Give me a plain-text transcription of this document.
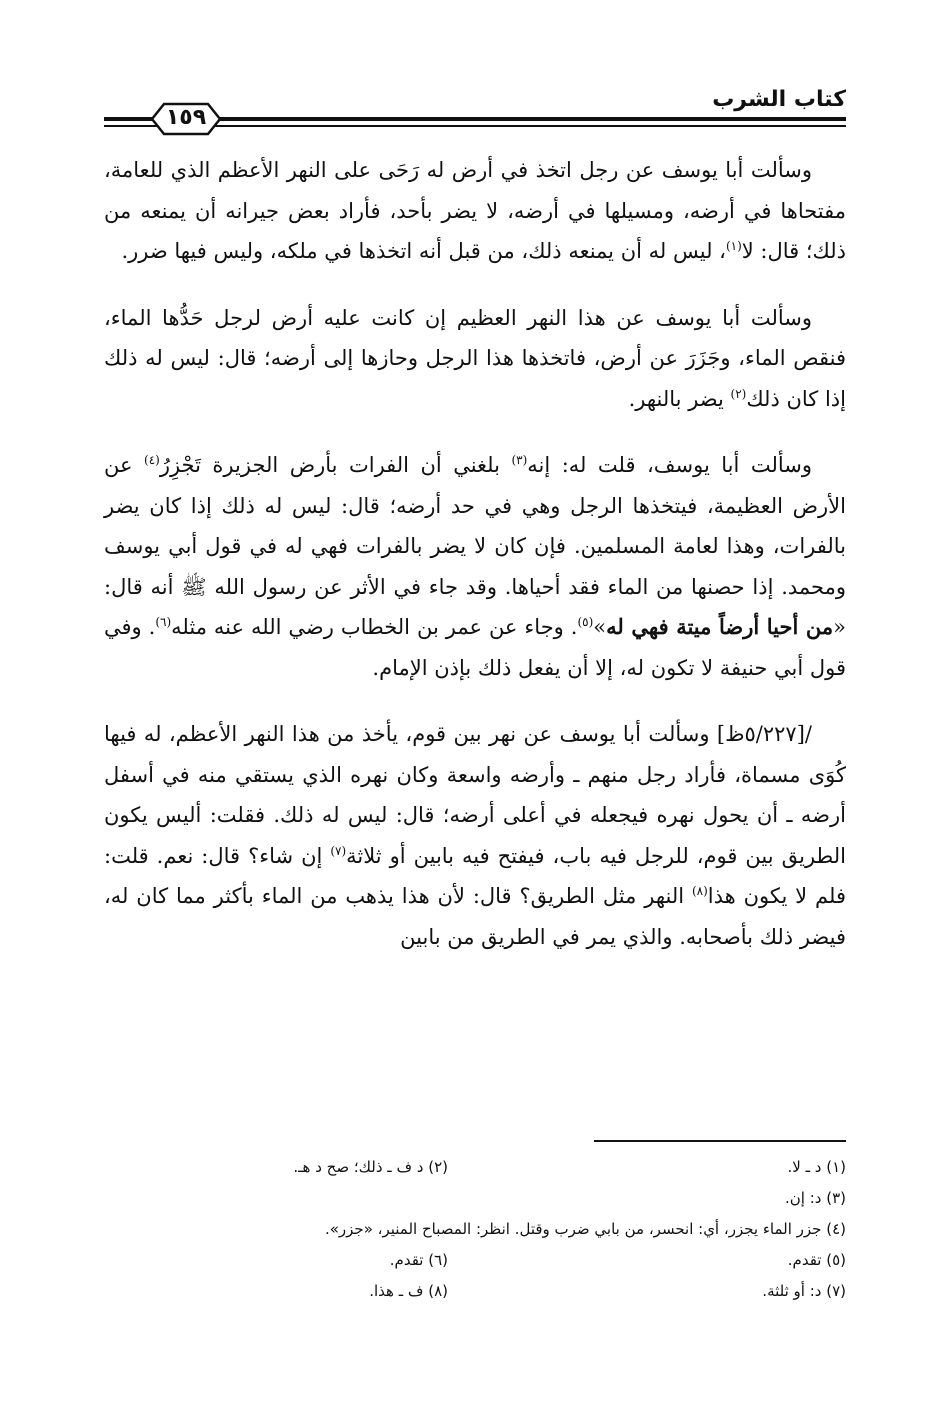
كتاب الشرب
١٥٩

وسألت أبا يوسف عن رجل اتخذ في أرض له رَحَى على النهر الأعظم الذي للعامة، مفتحاها في أرضه، ومسيلها في أرضه، لا يضر بأحد، فأراد بعض جيرانه أن يمنعه من ذلك؛ قال: لا$^{(١)}$، ليس له أن يمنعه ذلك، من قبل أنه اتخذها في ملكه، وليس فيها ضرر.

وسألت أبا يوسف عن هذا النهر العظيم إن كانت عليه أرض لرجل حَدُّها الماء، فنقص الماء، وجَزَرَ عن أرض، فاتخذها هذا الرجل وحازها إلى أرضه؛ قال: ليس له ذلك إذا كان ذلك$^{(٢)}$ يضر بالنهر.

وسألت أبا يوسف، قلت له: إنه$^{(٣)}$ بلغني أن الفرات بأرض الجزيرة تَجْزِرُ$^{(٤)}$ عن الأرض العظيمة، فيتخذها الرجل وهي في حد أرضه؛ قال: ليس له ذلك إذا كان يضر بالفرات، وهذا لعامة المسلمين. فإن كان لا يضر بالفرات فهي له في قول أبي يوسف ومحمد. إذا حصنها من الماء فقد أحياها. وقد جاء في الأثر عن رسول الله ﷺ أنه قال: «من أحيا أرضاً ميتة فهي له»$^{(٥)}$. وجاء عن عمر بن الخطاب رضي الله عنه مثله$^{(٦)}$. وفي قول أبي حنيفة لا تكون له، إلا أن يفعل ذلك بإذن الإمام.

/[٥/٢٢٧ظ] وسألت أبا يوسف عن نهر بين قوم، يأخذ من هذا النهر الأعظم، له فيها كُوَى مسماة، فأراد رجل منهم ـ وأرضه واسعة وكان نهره الذي يستقي منه في أسفل أرضه ـ أن يحول نهره فيجعله في أعلى أرضه؛ قال: ليس له ذلك. فقلت: أليس يكون الطريق بين قوم، للرجل فيه باب، فيفتح فيه بابين أو ثلاثة$^{(٧)}$ إن شاء؟ قال: نعم. قلت: فلم لا يكون هذا$^{(٨)}$ النهر مثل الطريق؟ قال: لأن هذا يذهب من الماء بأكثر مما كان له، فيضر ذلك بأصحابه. والذي يمر في الطريق من بابين

(١) د ـ لا.
(٢) د ف ـ ذلك؛ صح د هـ.
(٣) د: إن.
(٤) جزر الماء يجزر، أي: انحسر، من بابي ضرب وقتل. انظر: المصباح المنير، «جزر».
(٥) تقدم.
(٦) تقدم.
(٧) د: أو ثلثة.
(٨) ف ـ هذا.
